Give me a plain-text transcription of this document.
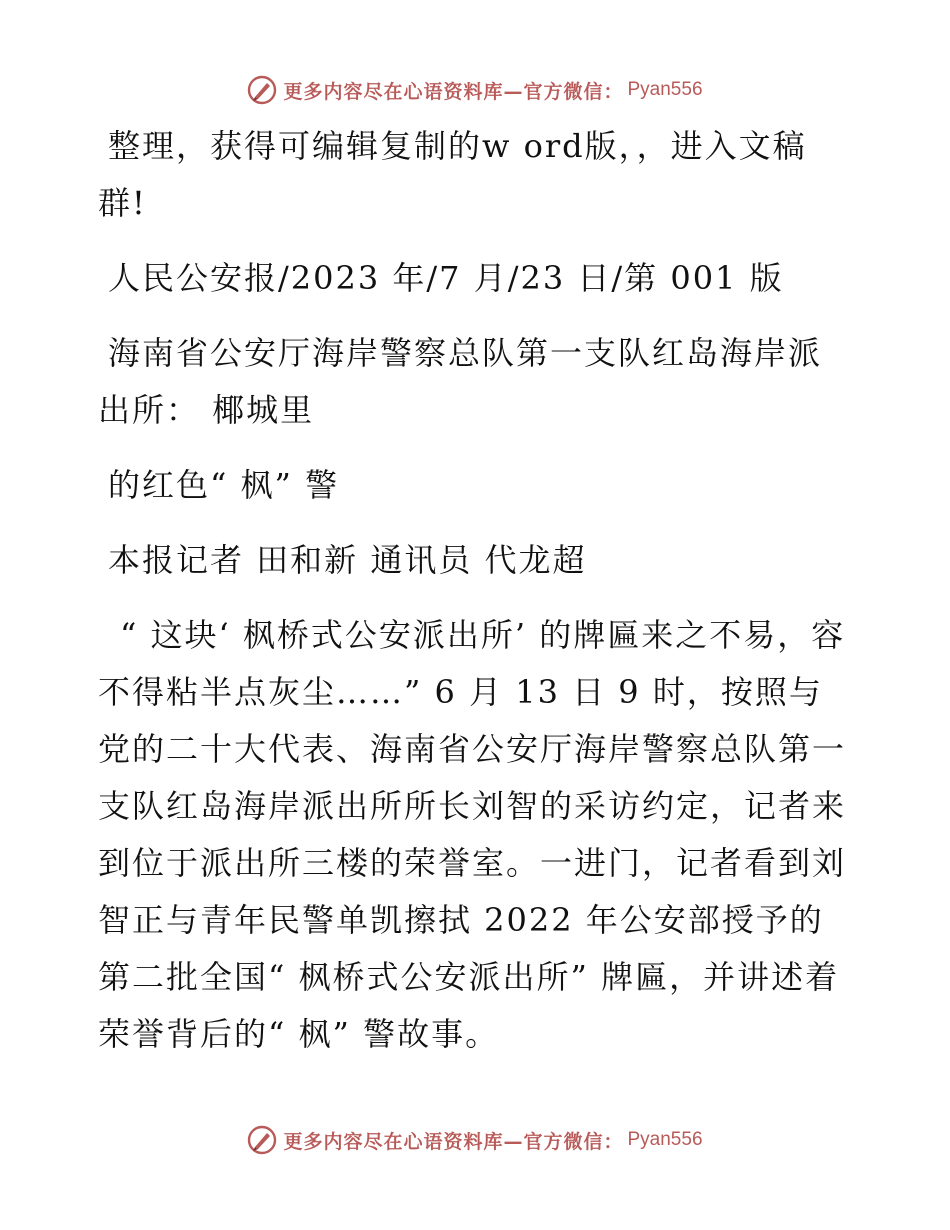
更多内容尽在心语资料库—官方微信： Pyan556

整理，获得可编辑复制的w ord版，，进入文稿群!

人民公安报/2023 年/7 月/23 日/第 001 版

海南省公安厅海岸警察总队第一支队红岛海岸派出所： 椰城里

的红色“ 枫” 警

本报记者 田和新 通讯员 代龙超

“ 这块‘ 枫桥式公安派出所’ 的牌匾来之不易，容不得粘半点灰尘……” 6 月 13 日 9 时，按照与党的二十大代表、海南省公安厅海岸警察总队第一支队红岛海岸派出所所长刘智的采访约定，记者来到位于派出所三楼的荣誉室。一进门，记者看到刘智正与青年民警单凯擦拭 2022 年公安部授予的第二批全国“ 枫桥式公安派出所” 牌匾，并讲述着荣誉背后的“ 枫” 警故事。

更多内容尽在心语资料库—官方微信： Pyan556
